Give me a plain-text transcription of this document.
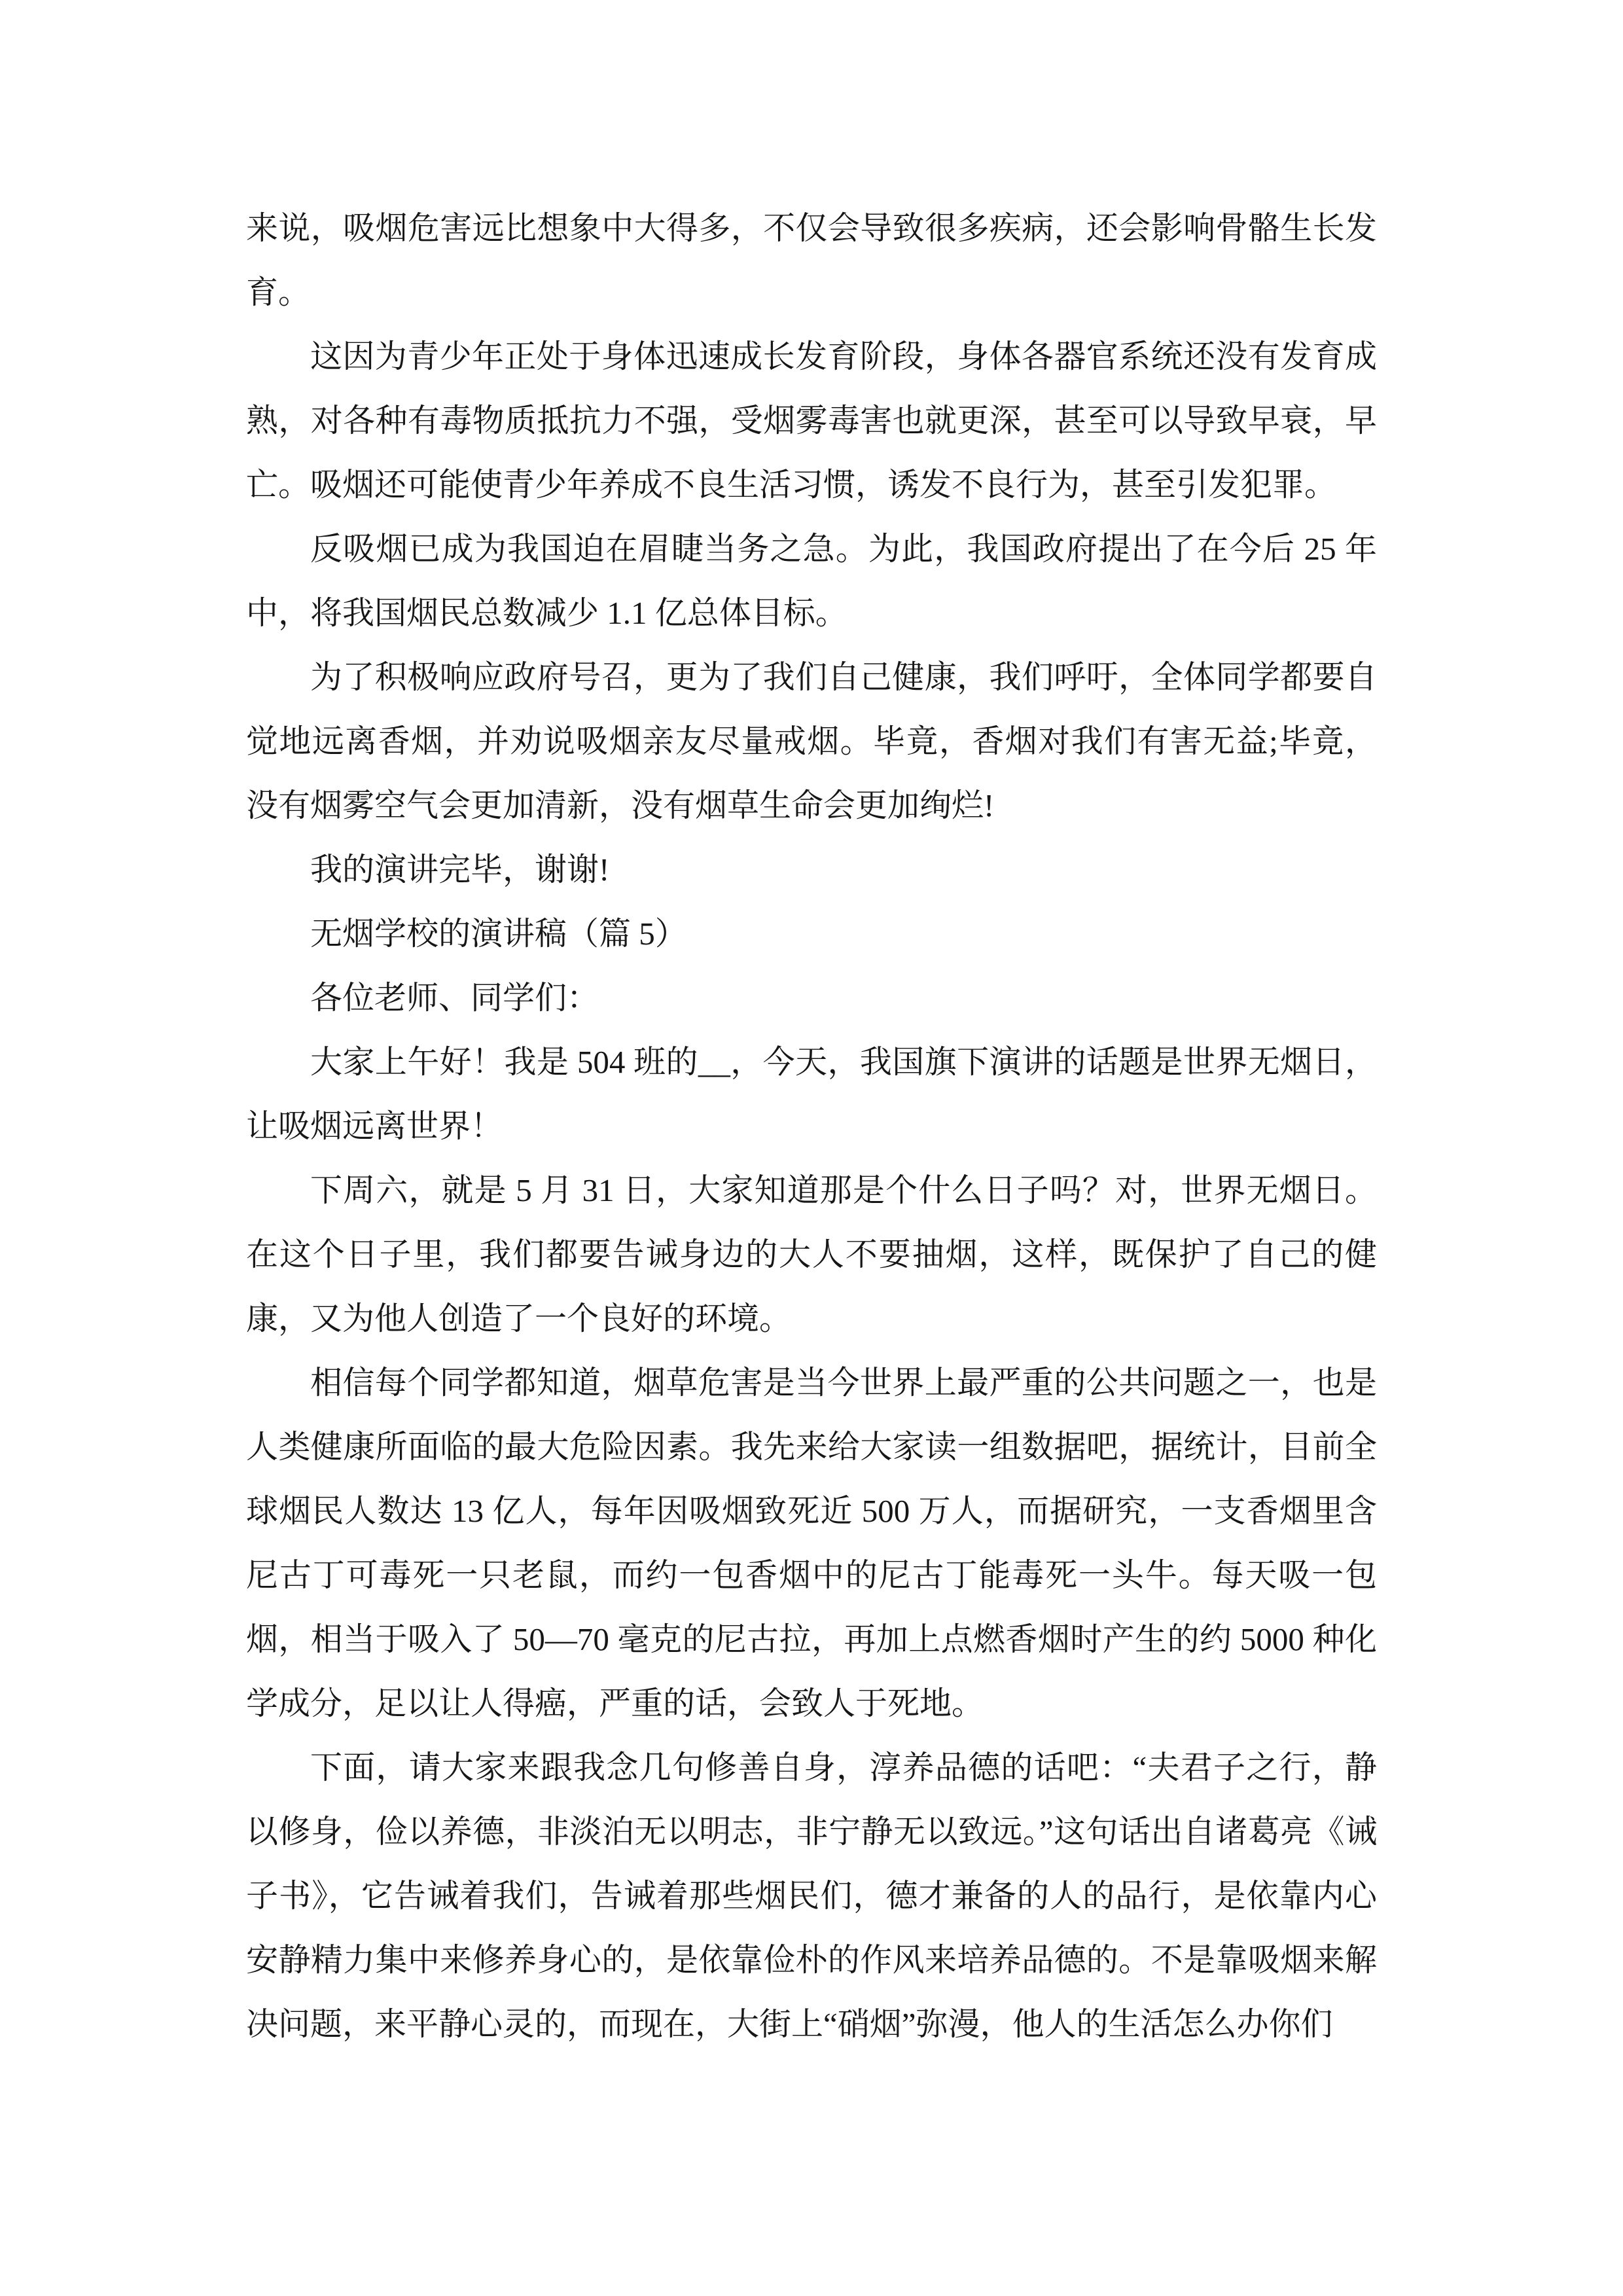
来说，吸烟危害远比想象中大得多，不仅会导致很多疾病，还会影响骨骼生长发育。

这因为青少年正处于身体迅速成长发育阶段，身体各器官系统还没有发育成熟，对各种有毒物质抵抗力不强，受烟雾毒害也就更深，甚至可以导致早衰，早亡。吸烟还可能使青少年养成不良生活习惯，诱发不良行为，甚至引发犯罪。

反吸烟已成为我国迫在眉睫当务之急。为此，我国政府提出了在今后 25 年中，将我国烟民总数减少 1.1 亿总体目标。

为了积极响应政府号召，更为了我们自己健康，我们呼吁，全体同学都要自觉地远离香烟，并劝说吸烟亲友尽量戒烟。毕竟，香烟对我们有害无益;毕竟，没有烟雾空气会更加清新，没有烟草生命会更加绚烂!

我的演讲完毕，谢谢!

无烟学校的演讲稿（篇 5）

各位老师、同学们：

大家上午好！我是 504 班的__，今天，我国旗下演讲的话题是世界无烟日，让吸烟远离世界！

下周六，就是 5 月 31 日，大家知道那是个什么日子吗？对，世界无烟日。在这个日子里，我们都要告诫身边的大人不要抽烟，这样，既保护了自己的健康，又为他人创造了一个良好的环境。

相信每个同学都知道，烟草危害是当今世界上最严重的公共问题之一，也是人类健康所面临的最大危险因素。我先来给大家读一组数据吧，据统计，目前全球烟民人数达 13 亿人，每年因吸烟致死近 500 万人，而据研究，一支香烟里含尼古丁可毒死一只老鼠，而约一包香烟中的尼古丁能毒死一头牛。每天吸一包烟，相当于吸入了 50—70 毫克的尼古拉，再加上点燃香烟时产生的约 5000 种化学成分，足以让人得癌，严重的话，会致人于死地。

下面，请大家来跟我念几句修善自身，淳养品德的话吧：“夫君子之行，静以修身，俭以养德，非淡泊无以明志，非宁静无以致远。”这句话出自诸葛亮《诫子书》，它告诫着我们，告诫着那些烟民们，德才兼备的人的品行，是依靠内心安静精力集中来修养身心的，是依靠俭朴的作风来培养品德的。不是靠吸烟来解决问题，来平静心灵的，而现在，大街上“硝烟”弥漫，他人的生活怎么办你们
